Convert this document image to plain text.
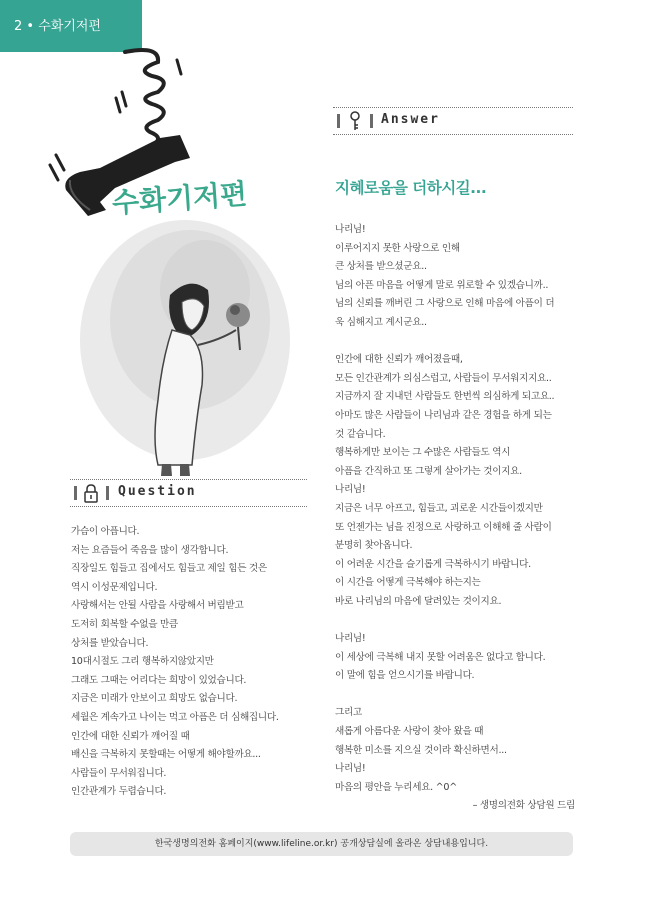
2 • 수화기저편
수화기저편
Answer
지혜로움을 더하시길...
나리님!
이루어지지 못한 사랑으로 인해
큰 상처를 받으셨군요..
님의 아픈 마음을 어떻게 말로 위로할 수 있겠습니까..
님의 신뢰를 깨버린 그 사랑으로 인해 마음에 아픔이 더
욱 심해지고 계시군요..
인간에 대한 신뢰가 깨어졌을때,
모든 인간관계가 의심스럽고, 사람들이 무서워지지요..
지금까지 잘 지내던 사람들도 한번씩 의심하게 되고요..
아마도 많은 사람들이 나리님과 같은 경험을 하게 되는
것 같습니다.
행복하게만 보이는 그 수많은 사람들도 역시
아픔을 간직하고 또 그렇게 살아가는 것이지요.
나리님!
지금은 너무 아프고, 힘들고, 괴로운 시간들이겠지만
또 언젠가는 님을 진정으로 사랑하고 이해해 줄 사람이
분명히 찾아옵니다.
이 어려운 시간을 슬기롭게 극복하시기 바랍니다.
이 시간을 어떻게 극복해야 하는지는
바로 나리님의 마음에 달려있는 것이지요.
나리님!
이 세상에 극복해 내지 못할 어려움은 없다고 합니다.
이 말에 힘을 얻으시기를 바랍니다.
그리고
새롭게 아름다운 사랑이 찾아 왔을 때
행복한 미소를 지으실 것이라 확신하면서...
나리님!
마음의 평안을 누리세요. ^0^
– 생명의전화 상담원 드림
Question
가슴이 아픕니다.
저는 요즘들어 죽음을 많이 생각합니다.
직장일도 힘들고 집에서도 힘들고 제일 힘든 것은
역시 이성문제입니다.
사랑해서는 안될 사람을 사랑해서 버림받고
도저히 회복할 수없을 만큼
상처를 받았습니다.
10대시절도 그리 행복하지않았지만
그래도 그때는 어리다는 희망이 있었습니다.
지금은 미래가 안보이고 희망도 없습니다.
세월은 계속가고 나이는 먹고 아픔은 더 심해집니다.
인간에 대한 신뢰가 깨어질 때
배신을 극복하지 못할때는 어떻게 해야할까요...
사람들이 무서워집니다.
인간관계가 두렵습니다.
한국생명의전화 홈페이지(www.lifeline.or.kr) 공개상담실에 올라온 상담내용입니다.
